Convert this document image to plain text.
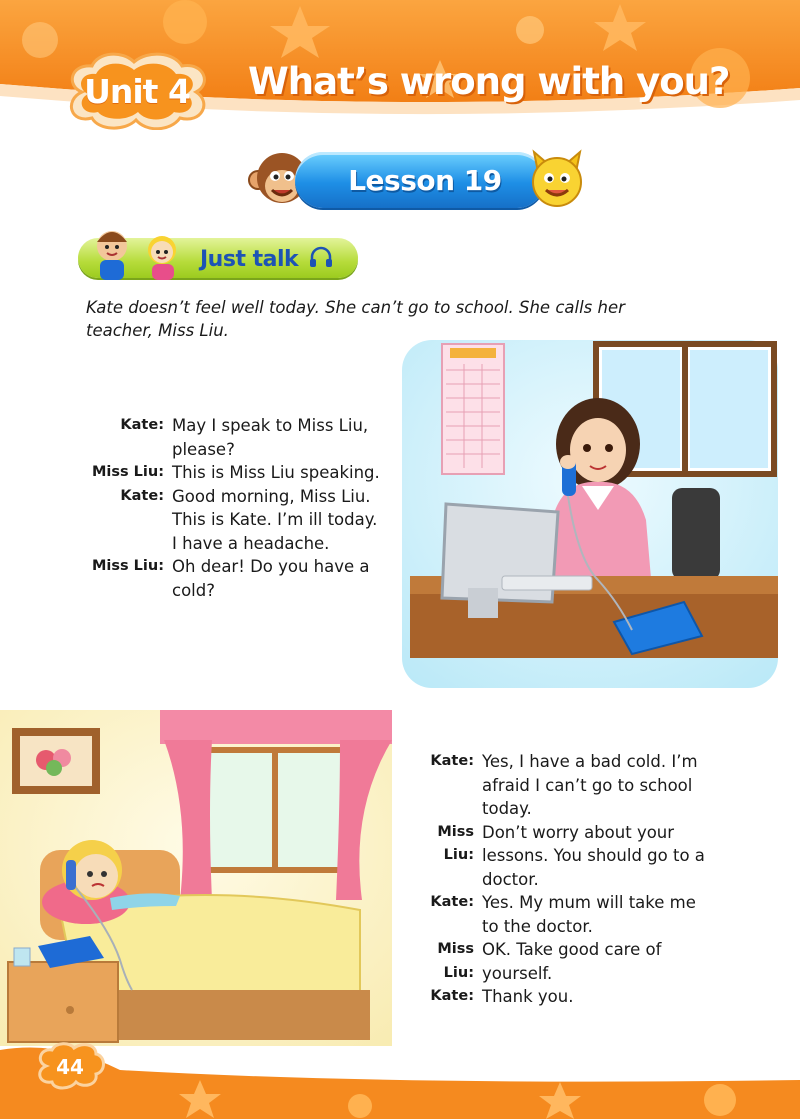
Unit 4 What’s wrong with you?
Lesson 19
Just talk
Kate doesn’t feel well today. She can’t go to school. She calls her teacher, Miss Liu.
Kate: May I speak to Miss Liu, please?
Miss Liu: This is Miss Liu speaking.
Kate: Good morning, Miss Liu. This is Kate. I’m ill today. I have a headache.
Miss Liu: Oh dear! Do you have a cold?
Kate: Yes, I have a bad cold. I’m afraid I can’t go to school today.
Miss Liu:
Don’t worry about your lessons. You should go to a doctor.
Kate: Yes. My mum will take me to the doctor.
Miss Liu:
OK. Take good care of yourself.
Kate: Thank you.
44
